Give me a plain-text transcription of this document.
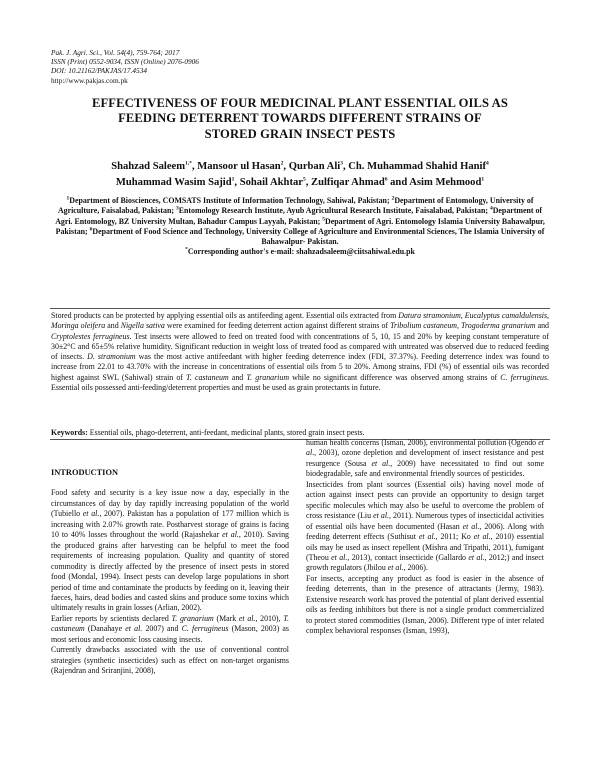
Pak. J. Agri. Sci., Vol. 54(4), 759-764; 2017
ISSN (Print) 0552-9034, ISSN (Online) 2076-0906
DOI: 10.21162/PAKJAS/17.4534
http://www.pakjas.com.pk
EFFECTIVENESS OF FOUR MEDICINAL PLANT ESSENTIAL OILS AS
FEEDING DETERRENT TOWARDS DIFFERENT STRAINS OF
STORED GRAIN INSECT PESTS
Shahzad Saleem$^{1,*}$, Mansoor ul Hasan$^2$, Qurban Ali$^3$, Ch. Muhammad Shahid Hanif$^4$
Muhammad Wasim Sajid$^1$, Sohail Akhtar$^5$, Zulfiqar Ahmad$^6$ and Asim Mehmood$^1$
$^1$Department of Biosciences, COMSATS Institute of Information Technology, Sahiwal, Pakistan; $^2$Department of Entomology, University of Agriculture, Faisalabad, Pakistan; $^3$Entomology Research Institute, Ayub Agricultural Research Institute, Faisalabad, Pakistan; $^4$Department of Agri. Entomology, BZ University Multan, Bahadur Campus Layyah, Pakistan; $^5$Department of Agri. Entomology Islamia University Bahawalpur, Pakistan; $^6$Department of Food Science and Technology, University College of Agriculture and Environmental Sciences, The Islamia University of Bahawalpur- Pakistan.
*Corresponding author's e-mail: shahzadsaleem@ciitsahiwal.edu.pk
Stored products can be protected by applying essential oils as antifeeding agent. Essential oils extracted from Datura stramonium, Eucalyptus camaldulensis, Moringa oleifera and Nigella sativa were examined for feeding deterrent action against different strains of Tribolium castaneum, Trogoderma granarium and Cryptolestes ferrugineus. Test insects were allowed to feed on treated food with concentrations of 5, 10, 15 and 20% by keeping constant temperature of 30±2°C and 65±5% relative humidity. Significant reduction in weight loss of treated food as compared with untreated was observed due to reduced feeding of insects. D. stramonium was the most active antifeedant with higher feeding deterrence index (FDI, 37.37%). Feeding deterrence index was found to increase from 22.01 to 43.70% with the increase in concentrations of essential oils from 5 to 20%. Among strains, FDI (%) of essential oils was recorded highest against SWL (Sahiwal) strain of T. castaneum and T. granarium while no significant difference was observed among strains of C. ferrugineus. Essential oils possessed anti-feeding/deterrent properties and must be used as grain protectants in future.
Keywords: Essential oils, phago-deterrent, anti-feedant, medicinal plants, stored grain insect pests.

INTRODUCTION

Food safety and security is a key issue now a day, especially in the circumstances of day by day rapidly increasing population of the world (Tubiello et al., 2007). Pakistan has a population of 177 million which is increasing with 2.07% growth rate. Postharvest storage of grains is facing 10 to 40% losses throughout the world (Rajashekar et al., 2010). Saving the produced grains after harvesting can be helpful to meet the food requirements of increasing population. Quality and quantity of stored commodity is directly affected by the presence of insect pests in stored food (Mondal, 1994). Insect pests can develop large populations in short period of time and contaminate the products by feeding on it, leaving their faeces, hairs, dead bodies and casted skins and produce some toxins which ultimately results in grain losses (Arlian, 2002).

Earlier reports by scientists declared T. granarium (Mark et al., 2010), T. castaneum (Danahaye et al. 2007) and C. ferrugineus (Mason, 2003) as most serious and economic loss causing insects.

Currently drawbacks associated with the use of conventional control strategies (synthetic insecticides) such as effect on non-target organisms (Rajendran and Sriranjini, 2008),

human health concerns (Isman, 2006), environmental pollution (Ogendo et al., 2003), ozone depletion and development of insect resistance and pest resurgence (Sousa et al., 2009) have necessitated to find out some biodegradable, safe and environmental friendly sources of pesticides.

Insecticides from plant sources (Essential oils) having novel mode of action against insect pests can provide an opportunity to design target specific molecules which may also be useful to overcome the problem of cross resistance (Liu et al., 2011). Numerous types of insecticidal activities of essential oils have been documented (Hasan et al., 2006). Along with feeding deterrent effects (Suthisut et al., 2011; Ko et al., 2010) essential oils may be used as insect repellent (Mishra and Tripathi, 2011), fumigant (Theou et al., 2013), contact insecticide (Gallardo et al., 2012;) and insect growth regulators (Jbilou et al., 2006).

For insects, accepting any product as food is easier in the absence of feeding deterrents, than in the presence of attractants (Jermy, 1983). Extensive research work has proved the potential of plant derived essential oils as feeding inhibitors but there is not a single product commercialized to protect stored commodities (Isman, 2006). Different type of inter related complex behavioral responses (Isman, 1993),
